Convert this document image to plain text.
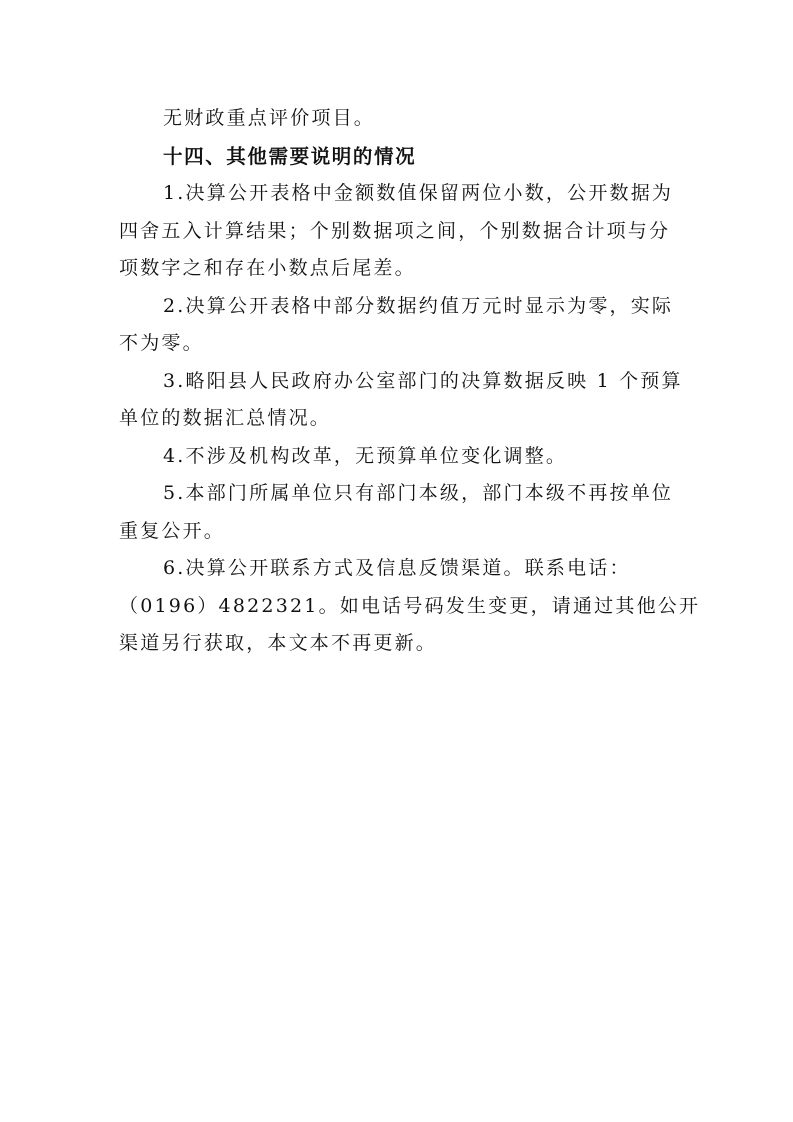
无财政重点评价项目。

十四、其他需要说明的情况

1.决算公开表格中金额数值保留两位小数，公开数据为
四舍五入计算结果；个别数据项之间，个别数据合计项与分
项数字之和存在小数点后尾差。

2.决算公开表格中部分数据约值万元时显示为零，实际
不为零。

3.略阳县人民政府办公室部门的决算数据反映 1 个预算
单位的数据汇总情况。

4.不涉及机构改革，无预算单位变化调整。

5.本部门所属单位只有部门本级，部门本级不再按单位
重复公开。

6.决算公开联系方式及信息反馈渠道。联系电话：
（0196）4822321。如电话号码发生变更，请通过其他公开
渠道另行获取，本文本不再更新。
